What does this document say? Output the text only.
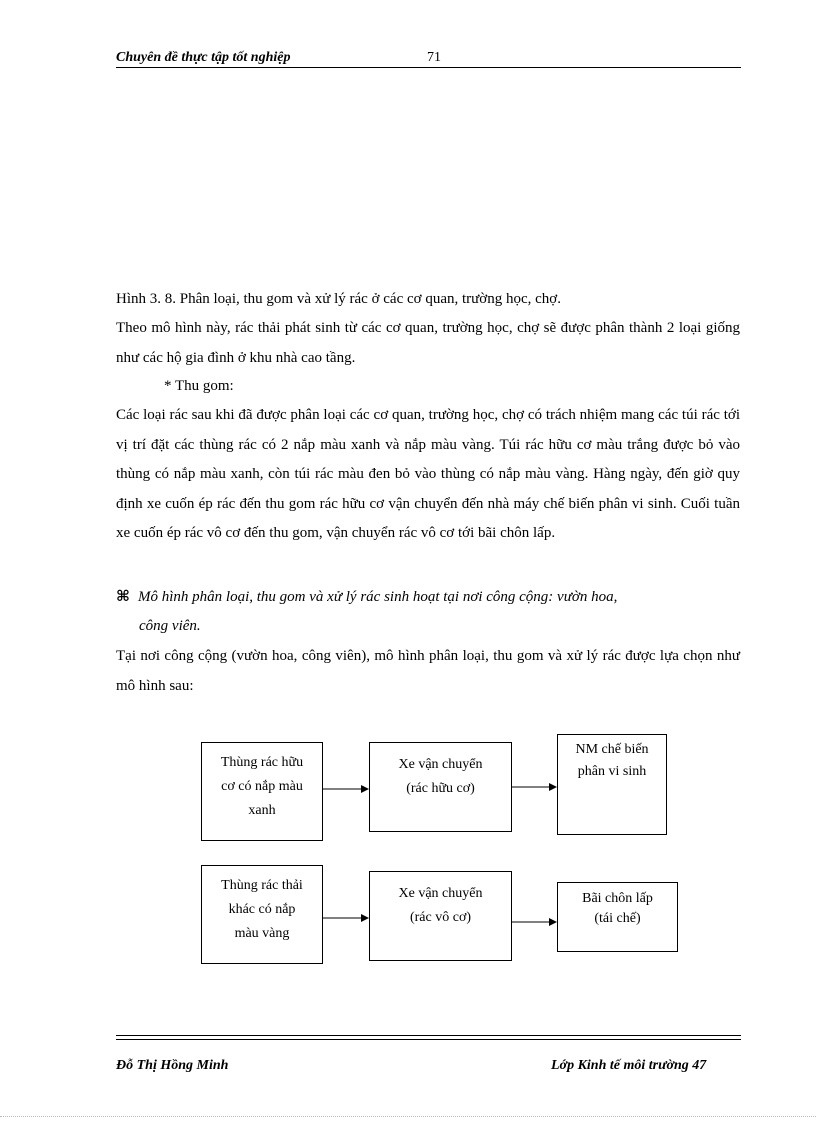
Chuyên đề thực tập tốt nghiệp	71
Hình 3. 8. Phân loại, thu gom và xử lý rác ở các cơ quan, trường học, chợ.
Theo mô hình này, rác thải phát sinh từ các cơ quan, trường học, chợ sẽ được phân thành 2 loại giống như các hộ gia đình ở khu nhà cao tầng.
* Thu gom:
Các loại rác sau khi đã được phân loại các cơ quan, trường học, chợ có trách nhiệm mang các túi rác tới vị trí đặt các thùng rác có 2 nắp màu xanh và nắp màu vàng. Túi rác hữu cơ màu trắng được bỏ vào thùng có nắp màu xanh, còn túi rác màu đen bỏ vào thùng có nắp màu vàng. Hàng ngày, đến giờ quy định xe cuốn ép rác đến thu gom rác hữu cơ vận chuyển đến nhà máy chế biến phân vi sinh. Cuối tuần xe cuốn ép rác vô cơ đến thu gom, vận chuyển rác vô cơ tới bãi chôn lấp.
⌘ Mô hình phân loại, thu gom và xử lý rác sinh hoạt tại nơi công cộng: vườn hoa,
công viên.
Tại nơi công cộng (vườn hoa, công viên), mô hình phân loại, thu gom và xử lý rác được lựa chọn như mô hình sau:
Thùng rác hữu
cơ có nắp màu
xanh
Xe vận chuyển
(rác hữu cơ)
NM chế biến
phân vi sinh
Thùng rác thải
khác có nắp
màu vàng
Xe vận chuyển
(rác vô cơ)
Bãi chôn lấp
(tái chế)
Đỗ Thị Hồng Minh	Lớp Kinh tế môi trường 47
